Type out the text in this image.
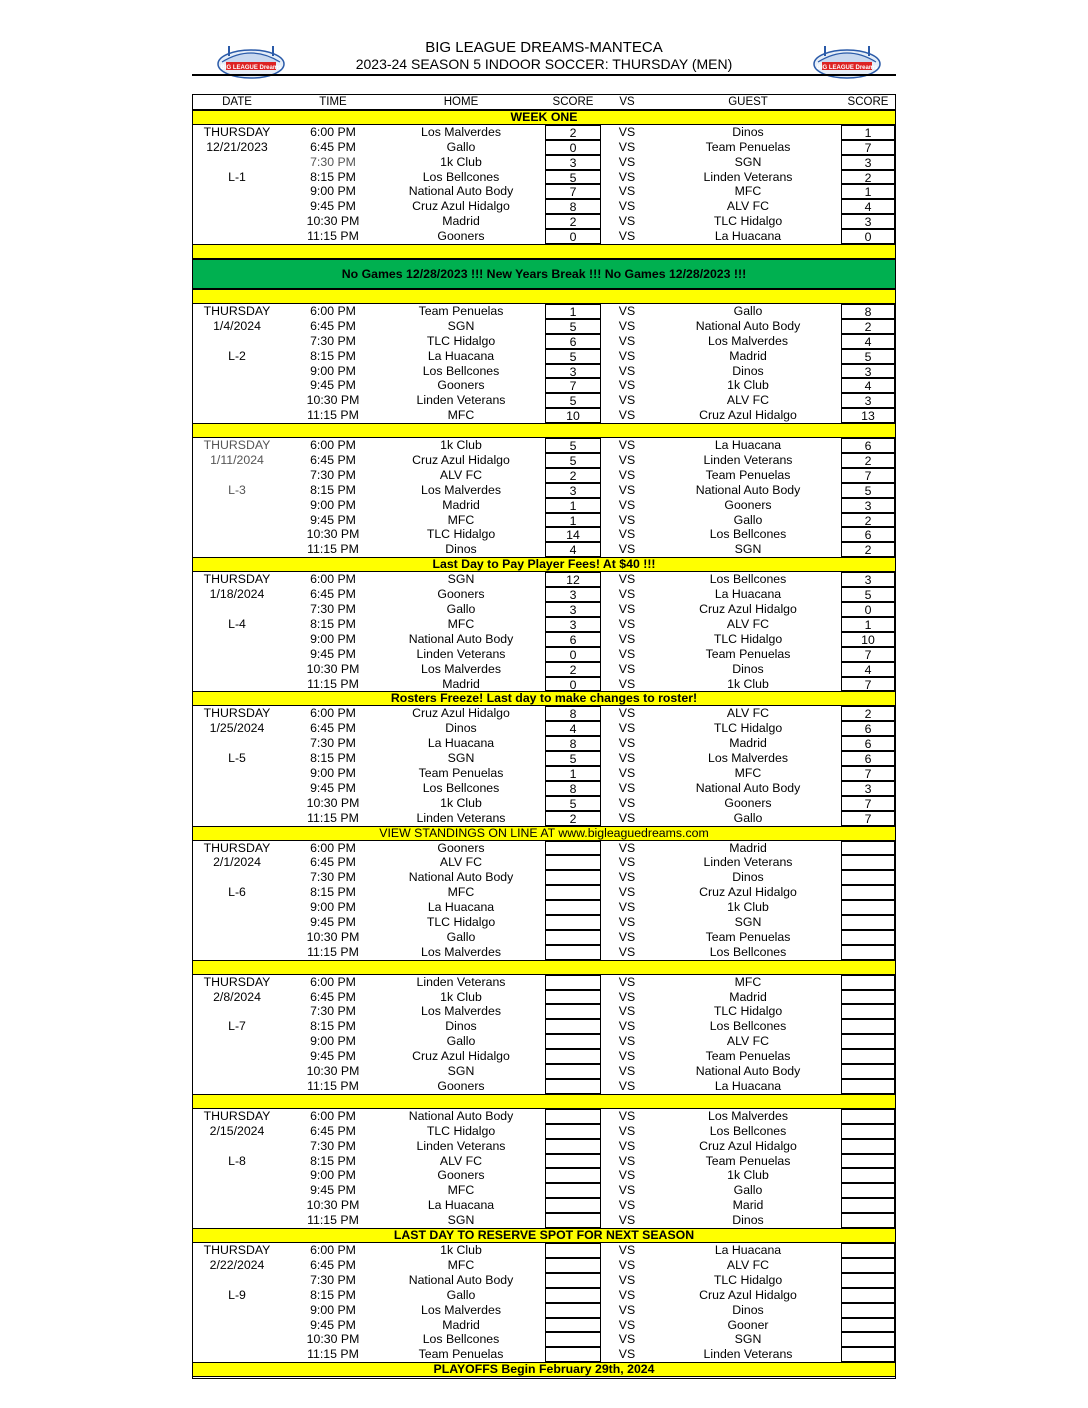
BIG LEAGUE Dreams
BIG LEAGUE DREAMS-MANTECA
2023-24 SEASON 5 INDOOR SOCCER: THURSDAY (MEN)	BIG LEAGUE Dreams
DATE	TIME	HOME	SCORE	VS	GUEST	SCORE
WEEK ONE
THURSDAY	6:00 PM	Los Malverdes	2	VS	Dinos	1
12/21/2023	6:45 PM	Gallo	0	VS	Team Penuelas	7
7:30 PM	1k Club	3	VS	SGN	3
L-1	8:15 PM	Los Bellcones	5	VS	Linden Veterans	2
9:00 PM	National Auto Body	7	VS	MFC	1
9:45 PM	Cruz Azul Hidalgo	8	VS	ALV FC	4
10:30 PM	Madrid	2	VS	TLC Hidalgo	3
11:15 PM	Gooners	0	VS	La Huacana	0
No Games 12/28/2023 !!! New Years Break !!! No Games 12/28/2023 !!!
THURSDAY	6:00 PM	Team Penuelas	1	VS	Gallo	8
1/4/2024	6:45 PM	SGN	5	VS	National Auto Body	2
7:30 PM	TLC Hidalgo	6	VS	Los Malverdes	4
L-2	8:15 PM	La Huacana	5	VS	Madrid	5
9:00 PM	Los Bellcones	3	VS	Dinos	3
9:45 PM	Gooners	7	VS	1k Club	4
10:30 PM	Linden Veterans	5	VS	ALV FC	3
11:15 PM	MFC	10	VS	Cruz Azul Hidalgo	13
THURSDAY	6:00 PM	1k Club	5	VS	La Huacana	6
1/11/2024	6:45 PM	Cruz Azul Hidalgo	5	VS	Linden Veterans	2
7:30 PM	ALV FC	2	VS	Team Penuelas	7
L-3	8:15 PM	Los Malverdes	3	VS	National Auto Body	5
9:00 PM	Madrid	1	VS	Gooners	3
9:45 PM	MFC	1	VS	Gallo	2
10:30 PM	TLC Hidalgo	14	VS	Los Bellcones	6
11:15 PM	Dinos	4	VS	SGN	2
Last Day to Pay Player Fees! At $40 !!!
THURSDAY	6:00 PM	SGN	12	VS	Los Bellcones	3
1/18/2024	6:45 PM	Gooners	3	VS	La Huacana	5
7:30 PM	Gallo	3	VS	Cruz Azul Hidalgo	0
L-4	8:15 PM	MFC	3	VS	ALV FC	1
9:00 PM	National Auto Body	6	VS	TLC Hidalgo	10
9:45 PM	Linden Veterans	0	VS	Team Penuelas	7
10:30 PM	Los Malverdes	2	VS	Dinos	4
11:15 PM	Madrid	0	VS	1k Club	7
Rosters Freeze! Last day to make changes to roster!
THURSDAY	6:00 PM	Cruz Azul Hidalgo	8	VS	ALV FC	2
1/25/2024	6:45 PM	Dinos	4	VS	TLC Hidalgo	6
7:30 PM	La Huacana	8	VS	Madrid	6
L-5	8:15 PM	SGN	5	VS	Los Malverdes	6
9:00 PM	Team Penuelas	1	VS	MFC	7
9:45 PM	Los Bellcones	8	VS	National Auto Body	3
10:30 PM	1k Club	5	VS	Gooners	7
11:15 PM	Linden Veterans	2	VS	Gallo	7
VIEW STANDINGS ON LINE AT www.bigleaguedreams.com
THURSDAY	6:00 PM	Gooners	VS	Madrid
2/1/2024	6:45 PM	ALV FC	VS	Linden Veterans
7:30 PM	National Auto Body	VS	Dinos
L-6	8:15 PM	MFC	VS	Cruz Azul Hidalgo
9:00 PM	La Huacana	VS	1k Club
9:45 PM	TLC Hidalgo	VS	SGN
10:30 PM	Gallo	VS	Team Penuelas
11:15 PM	Los Malverdes	VS	Los Bellcones
THURSDAY	6:00 PM	Linden Veterans	VS	MFC
2/8/2024	6:45 PM	1k Club	VS	Madrid
7:30 PM	Los Malverdes	VS	TLC Hidalgo
L-7	8:15 PM	Dinos	VS	Los Bellcones
9:00 PM	Gallo	VS	ALV FC
9:45 PM	Cruz Azul Hidalgo	VS	Team Penuelas
10:30 PM	SGN	VS	National Auto Body
11:15 PM	Gooners	VS	La Huacana
THURSDAY	6:00 PM	National Auto Body	VS	Los Malverdes
2/15/2024	6:45 PM	TLC Hidalgo	VS	Los Bellcones
7:30 PM	Linden Veterans	VS	Cruz Azul Hidalgo
L-8	8:15 PM	ALV FC	VS	Team Penuelas
9:00 PM	Gooners	VS	1k Club
9:45 PM	MFC	VS	Gallo
10:30 PM	La Huacana	VS	Marid
11:15 PM	SGN	VS	Dinos
LAST DAY TO RESERVE SPOT FOR NEXT SEASON
THURSDAY	6:00 PM	1k Club	VS	La Huacana
2/22/2024	6:45 PM	MFC	VS	ALV FC
7:30 PM	National Auto Body	VS	TLC Hidalgo
L-9	8:15 PM	Gallo	VS	Cruz Azul Hidalgo
9:00 PM	Los Malverdes	VS	Dinos
9:45 PM	Madrid	VS	Gooner
10:30 PM	Los Bellcones	VS	SGN
11:15 PM	Team Penuelas	VS	Linden Veterans
PLAYOFFS Begin February 29th, 2024
